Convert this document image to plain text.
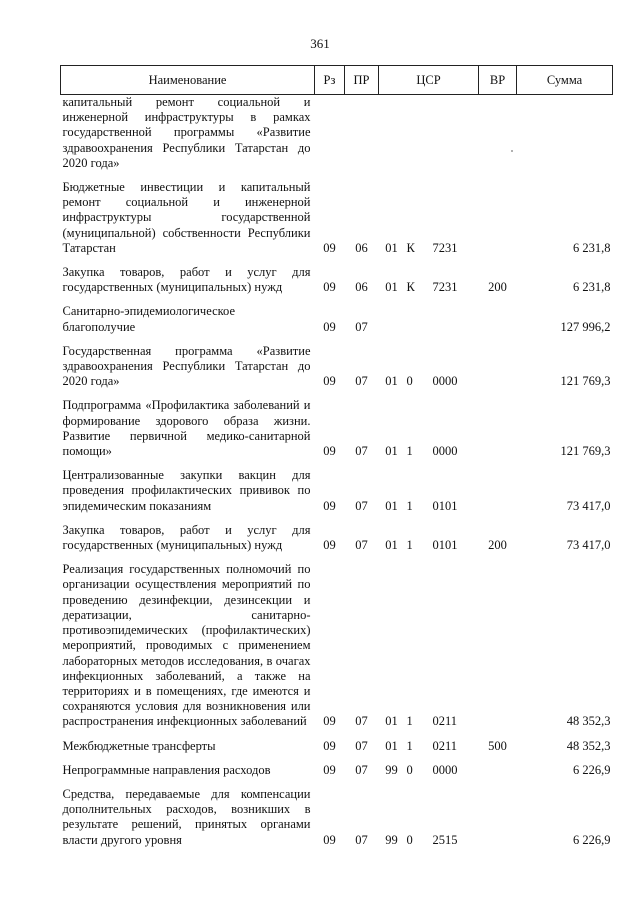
361
Наименование	Рз	ПР	ЦСР			ВР	Сумма
капитальный ремонт социальной и инженерной инфраструктуры в рамках государственной программы «Развитие здравоохранения Республики Татарстан до 2020 года»							
Бюджетные инвестиции и капитальный ремонт социальной и инженерной инфраструктуры государственной (муниципальной) собственности Республики Татарстан	09	06	01	К	7231		6 231,8
Закупка товаров, работ и услуг для государственных (муниципальных) нужд	09	06	01	К	7231	200	6 231,8
Санитарно-эпидемиологическое благополучие	09	07					127 996,2
Государственная программа «Развитие здравоохранения Республики Татарстан до 2020 года»	09	07	01	0	0000		121 769,3
Подпрограмма «Профилактика заболеваний и формирование здорового образа жизни. Развитие первичной медико-санитарной помощи»	09	07	01	1	0000		121 769,3
Централизованные закупки вакцин для проведения профилактических прививок по эпидемическим показаниям	09	07	01	1	0101		73 417,0
Закупка товаров, работ и услуг для государственных (муниципальных) нужд	09	07	01	1	0101	200	73 417,0
Реализация государственных полномочий по организации осуществления мероприятий по проведению дезинфекции, дезинсекции и дератизации, санитарно-противоэпидемических (профилактических) мероприятий, проводимых с применением лабораторных методов исследования, в очагах инфекционных заболеваний, а также на территориях и в помещениях, где имеются и сохраняются условия для возникновения или распространения инфекционных заболеваний	09	07	01	1	0211		48 352,3
Межбюджетные трансферты	09	07	01	1	0211	500	48 352,3
Непрограммные направления расходов	09	07	99	0	0000		6 226,9
Средства, передаваемые для компенсации дополнительных расходов, возникших в результате решений, принятых органами власти другого уровня	09	07	99	0	2515		6 226,9
